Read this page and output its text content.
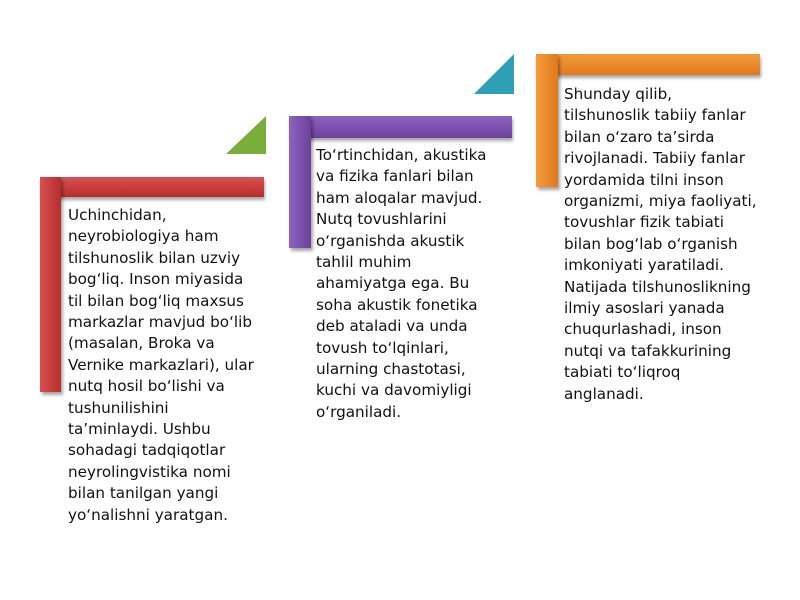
Uchinchidan, neyrobiologiya ham tilshunoslik bilan uzviy bog‘liq. Inson miyasida til bilan bog‘liq maxsus markazlar mavjud bo‘lib (masalan, Broka va Vernike markazlari), ular nutq hosil bo‘lishi va tushunilishini ta’minlaydi. Ushbu sohadagi tadqiqotlar neyrolingvistika nomi bilan tanilgan yangi yo‘nalishni yaratgan.
To‘rtinchidan, akustika va fizika fanlari bilan ham aloqalar mavjud. Nutq tovushlarini o‘rganishda akustik tahlil muhim ahamiyatga ega. Bu soha akustik fonetika deb ataladi va unda tovush to‘lqinlari, ularning chastotasi, kuchi va davomiyligi o‘rganiladi.
Shunday qilib, tilshunoslik tabiiy fanlar bilan o‘zaro ta’sirda rivojlanadi. Tabiiy fanlar yordamida tilni inson organizmi, miya faoliyati, tovushlar fizik tabiati bilan bog‘lab o‘rganish imkoniyati yaratiladi. Natijada tilshunoslikning ilmiy asoslari yanada chuqurlashadi, inson nutqi va tafakkurining tabiati to‘liqroq anglanadi.
